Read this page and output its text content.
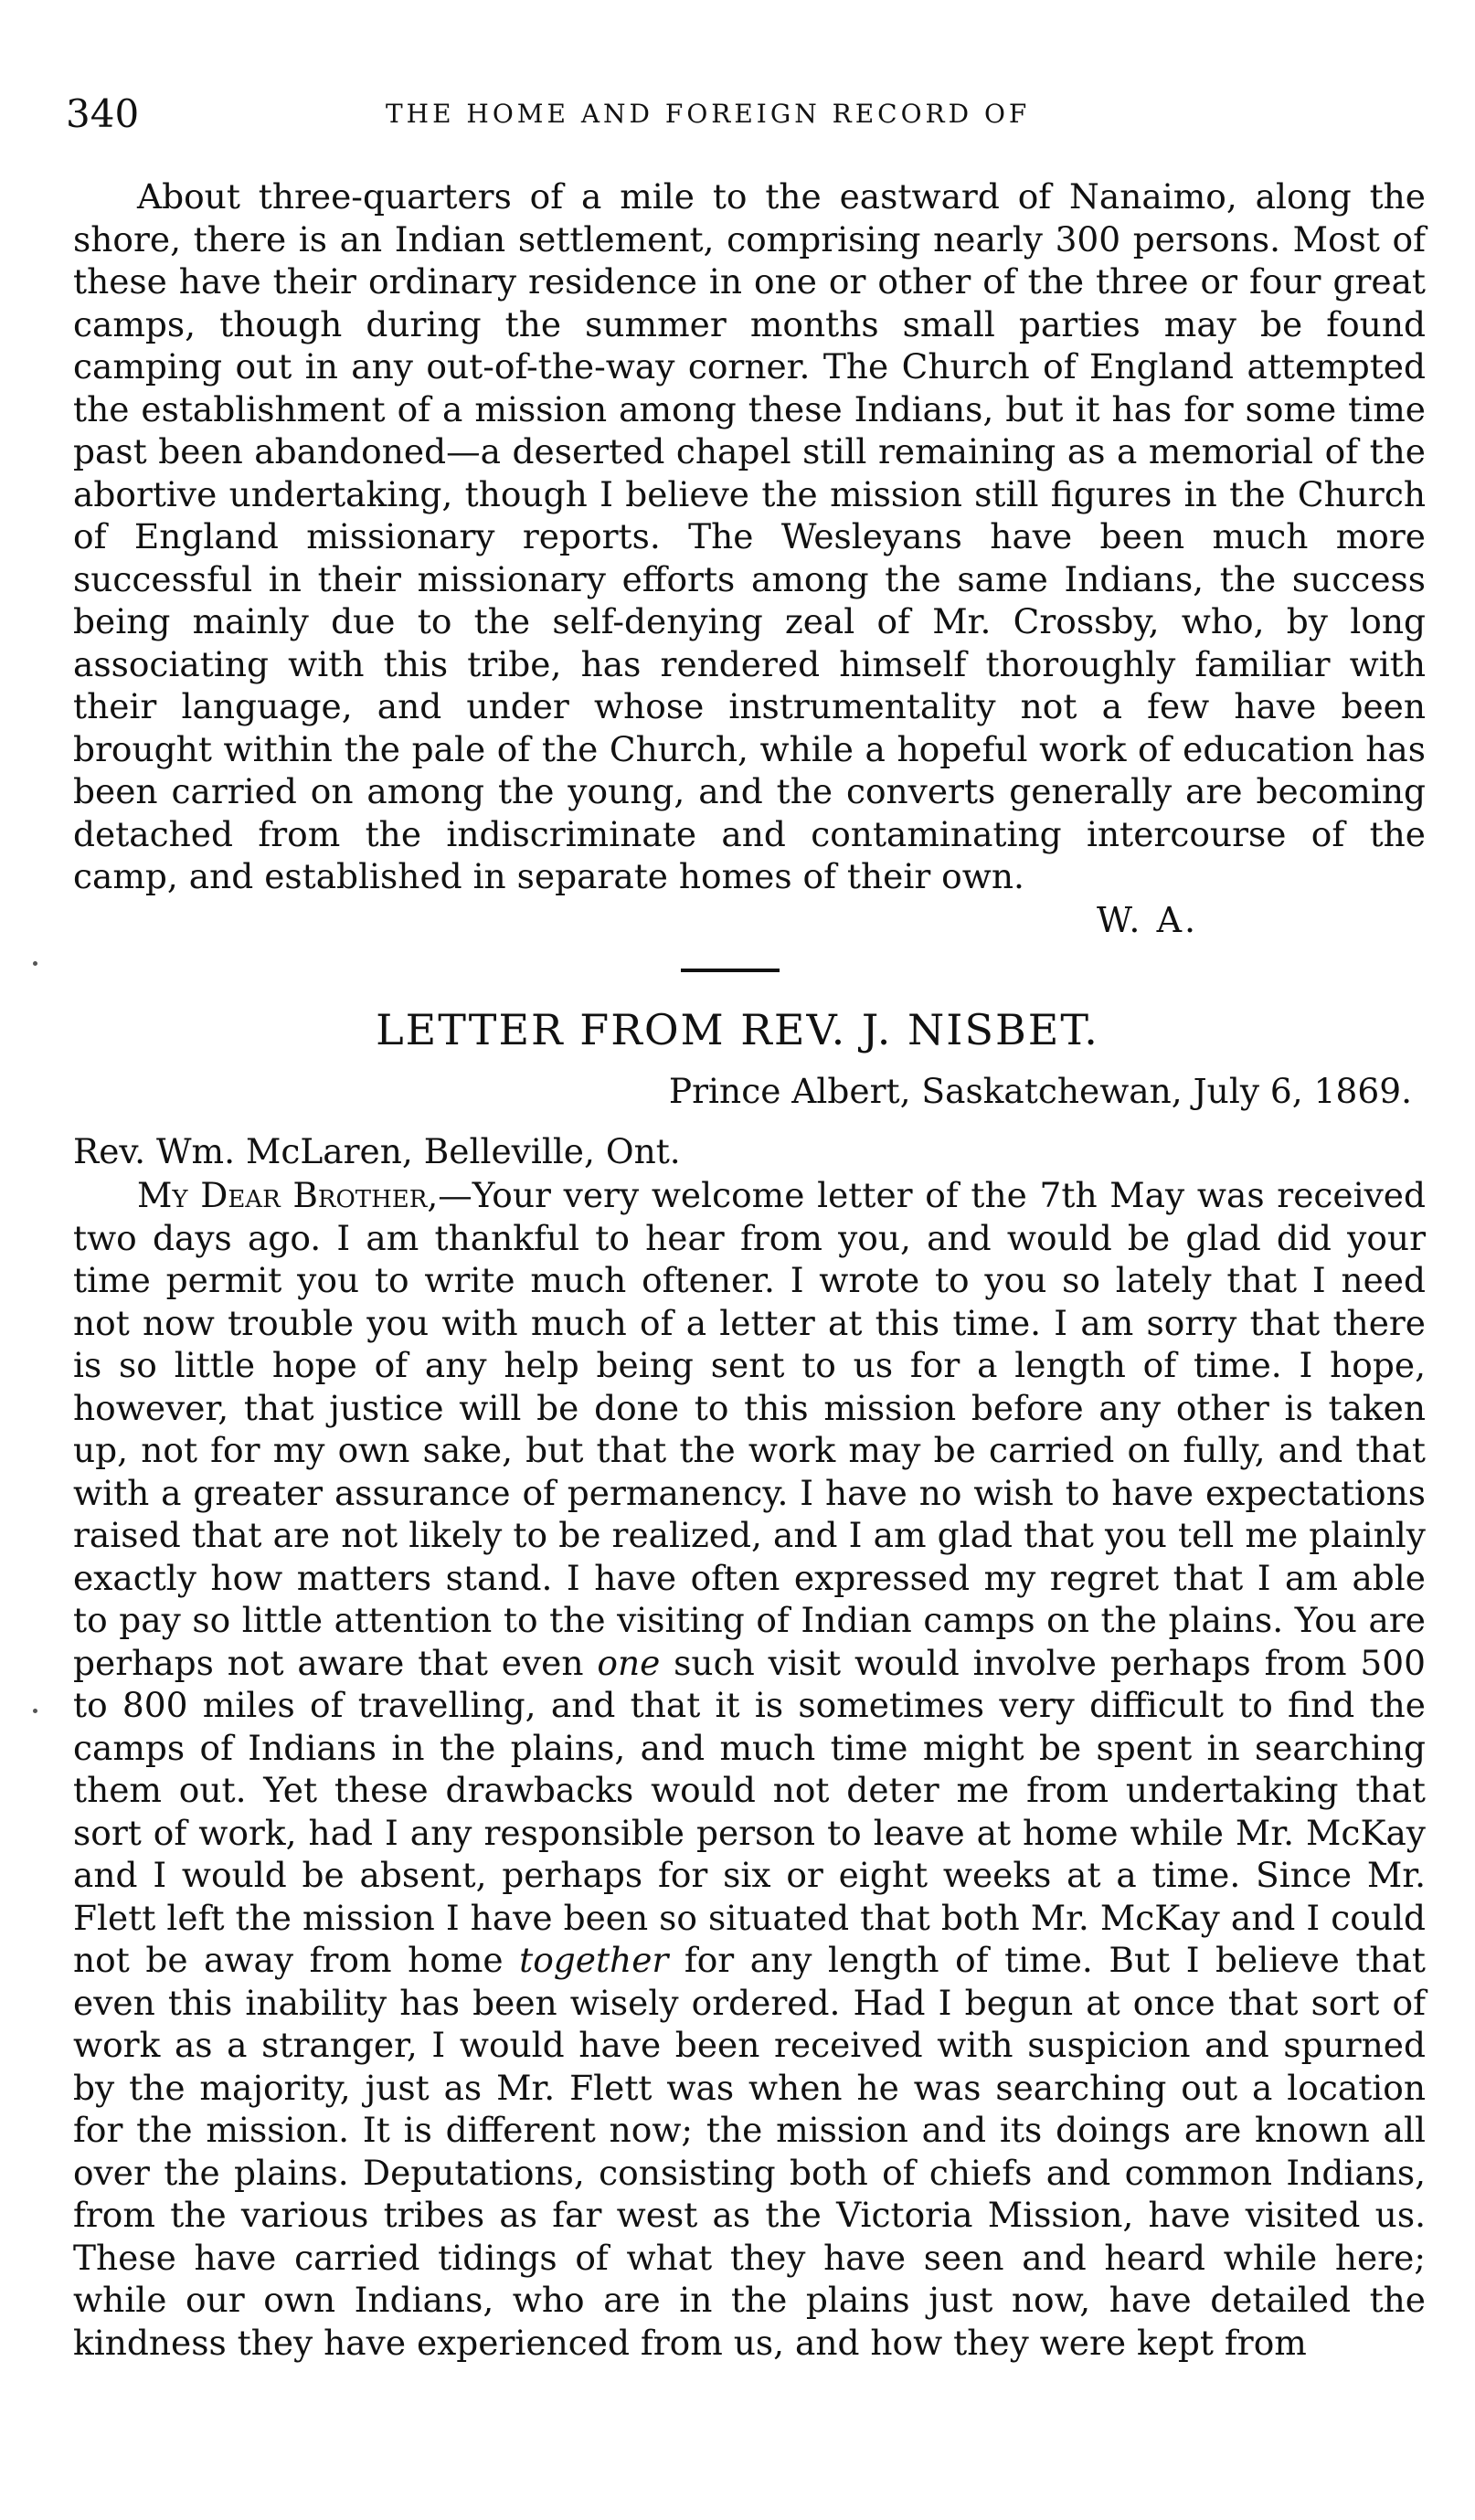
340	THE HOME AND FOREIGN RECORD OF

About three-quarters of a mile to the eastward of Nanaimo, along the shore, there is an Indian settlement, comprising nearly 300 persons. Most of these have their ordinary residence in one or other of the three or four great camps, though during the summer months small parties may be found camping out in any out-of-the-way corner. The Church of England attempted the establishment of a mission among these Indians, but it has for some time past been abandoned—a deserted chapel still remaining as a memorial of the abortive undertaking, though I believe the mission still figures in the Church of England missionary reports. The Wesleyans have been much more successful in their missionary efforts among the same Indians, the success being mainly due to the self-denying zeal of Mr. Crossby, who, by long associating with this tribe, has rendered himself thoroughly familiar with their language, and under whose instrumentality not a few have been brought within the pale of the Church, while a hopeful work of education has been carried on among the young, and the converts generally are becoming detached from the indiscriminate and contaminating intercourse of the camp, and established in separate homes of their own.

W. A.
LETTER FROM REV. J. NISBET.
Prince Albert, Saskatchewan, July 6, 1869.
Rev. Wm. McLaren, Belleville, Ont.

My Dear Brother,—Your very welcome letter of the 7th May was received two days ago. I am thankful to hear from you, and would be glad did your time permit you to write much oftener. I wrote to you so lately that I need not now trouble you with much of a letter at this time. I am sorry that there is so little hope of any help being sent to us for a length of time. I hope, however, that justice will be done to this mission before any other is taken up, not for my own sake, but that the work may be carried on fully, and that with a greater assurance of permanency. I have no wish to have expectations raised that are not likely to be realized, and I am glad that you tell me plainly exactly how matters stand. I have often expressed my regret that I am able to pay so little attention to the visiting of Indian camps on the plains. You are perhaps not aware that even one such visit would involve perhaps from 500 to 800 miles of travelling, and that it is sometimes very difficult to find the camps of Indians in the plains, and much time might be spent in searching them out. Yet these drawbacks would not deter me from undertaking that sort of work, had I any responsible person to leave at home while Mr. McKay and I would be absent, perhaps for six or eight weeks at a time. Since Mr. Flett left the mission I have been so situated that both Mr. McKay and I could not be away from home together for any length of time. But I believe that even this inability has been wisely ordered. Had I begun at once that sort of work as a stranger, I would have been received with suspicion and spurned by the majority, just as Mr. Flett was when he was searching out a location for the mission. It is different now; the mission and its doings are known all over the plains. Deputations, consisting both of chiefs and common Indians, from the various tribes as far west as the Victoria Mission, have visited us. These have carried tidings of what they have seen and heard while here; while our own Indians, who are in the plains just now, have detailed the kindness they have experienced from us, and how they were kept from
